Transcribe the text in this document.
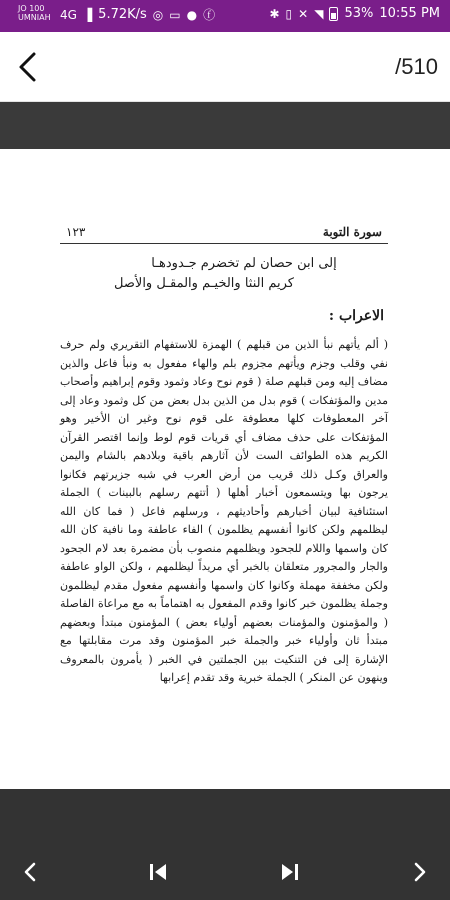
JO 100
UMNIAH 4G ▐ 5.72K/s ◎ ▭ ● ⓕ	✱ ▯ ✕ ◥ 53% 10:55 PM
/510
سورة التوبة
١٢٣
إلى ابن حصان لم تخضرم جـدودهـا
كريم النثا والخيـم والمقـل والأصل
الاعراب :

( ألم يأتهم نبأ الذين من قبلهم ) الهمزة للاستفهام التقريري ولم حرف نفي وقلب وجزم ويأتهم مجزوم بلم والهاء مفعول به ونبأ فاعل والذين مضاف إليه ومن قبلهم صلة ( قوم نوح وعاد وثمود وقوم إبراهيم وأصحاب مدين والمؤتفكات ) قوم بدل من الذين بدل بعض من كل وثمود وعاد إلى آخر المعطوفات كلها معطوفة على قوم نوح وغير ان الأخير وهو المؤتفكات على حذف مضاف أي قريات قوم لوط وإنما اقتصر القرآن الكريم هذه الطوائف الست لأن آثارهم باقية وبلادهم بالشام واليمن والعراق وكـل ذلك قريب من أرض العرب في شبه جزيرتهم فكانوا يرجون بها ويتسمعون أخبار أهلها ( أتتهم رسلهم بالبينات ) الجملة استئنافية لبيان أخبارهم وأحاديثهم ، ورسلهم فاعل ( فما كان الله ليظلمهم ولكن كانوا أنفسهم يظلمون ) الفاء عاطفة وما نافية كان الله كان واسمها واللام للجحود ويظلمهم منصوب بأن مضمرة بعد لام الجحود والجار والمجرور متعلقان بالخبر أي مريداً ليظلمهم ، ولكن الواو عاطفة ولكن مخففة مهملة وكانوا كان واسمها وأنفسهم مفعول مقدم ليظلمون وجملة يظلمون خبر كانوا وقدم المفعول به اهتماماً به مع مراعاة الفاصلة ( والمؤمنون والمؤمنات بعضهم أولياء بعض ) المؤمنون مبتدأ وبعضهم مبتدأ ثان وأولياء خبر والجملة خبر المؤمنون وقد مرت مقابلتها مع الإشارة إلى فن التنكيت بين الجملتين في الخبر ( يأمرون بالمعروف وينهون عن المنكر ) الجملة خبرية وقد تقدم إعرابها
